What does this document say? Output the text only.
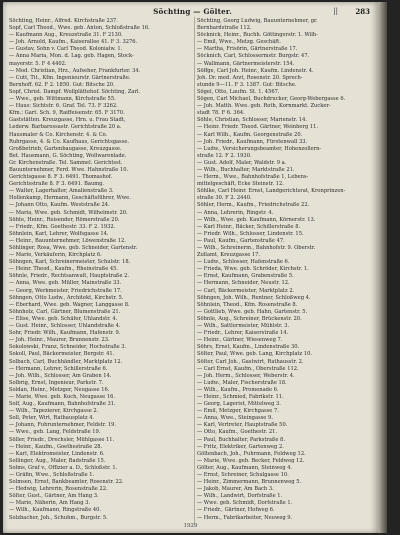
Söchting — Gölter.	|| 283
Söchting, Heinr., Alfred. Kirchstraße 237.
Sopf, Carl Theod., Wwe. geb. Anton, Schloßstraße 16.
— Kaufmann Aug., Kreuzstraße 31. F 2130.
— Joh. Arnold, Kaufm., Kaiserallee 41. F 3. 3276.
— Gustav, Sohn v. Carl Theod. Kolonialw. 1.
— Anna Maria, Mon. d. Lag. geb. Hagen, Stock-
mayerstr. 5. F 4 4402.
— Mod. Christian, Hrz., Aufseher, Frankfurter. 34.
— Cutt, Tit., Kfm. Ingenieurstr. Gärtnerstraße.
Bernhoff. 62. F 2. 1850. Gut: Bitsche 20.
Sopf, Christ. Dampf. Wollplättehof. Söchting, Zarl.
— Wwe., geb. Wittmann, Kirchstraße 55.
— Haus: Sichtstr. 6. Graf. Tel. 73. F 3262.
Kfm.: Gart. Sch. 9, Raiffeisenstr. 65. F 3170.
Gaststätten. Kreuzgasse, Hrn. u. Frau Stadt,
Lederw. Barbarossastr. Gerichtstraße 20 a.
Hausmaler & Co. Kirchenstr. 4. & Co.
Ruhrgasse, 4. & Co. Kaufhaus, Gerichtsgasse.
Großbetrieb, Gartenbaugasse, Kreuzgasse.
Bet. Hausmann, G. Söchting, Wollwarenlade.
Gr. Kirchenstraße. Tel. Sammel. Gerichtsst.
Bauunternehmer, Ferd. Wwe. Hahnstraße 10.
Gerichtsgasse 8. F 3. 6491. Thomashof.
Gerichtsstraße 8. F 3. 6491. Baumg.
— Walter, Lagerhalter, Amalienstraße 3.
Hollenkamp, Hermann, Geschäftsführer, Wwe.
— Johann Otto, Kaufm. Weststraße 24.
— Maria, Wwe. geb. Schmidt, Wilhelmstr. 20.
Söhte, Heinr., Reisender, Römerstraße 20.
— Friedr., Kfm. Goethestr. 33. F 2. 1932.
Söhnlein, Karl, Lehrer, Wolfsgasse 14.
— Heinr., Bauunternehmer, Löwenstraße 12.
Söhlinger, Rosa, Wwe. geb. Schneider, Gartenstr.
— Marie, Verkäuferin, Kirchplatz 6.
Söhngen, Karl, Schreinermeister, Schulstr. 18.
— Heinr. Theod., Kaufm., Rheinstraße 45.
Söhnle, Friedr., Rechtsanwalt, Hauptstraße 2.
— Anna, Wwe. geb. Müller, Mainstraße 33.
— Georg, Werkmeister, Friedrichstraße 17.
Söhngen, Otto Ludw., Architekt, Kirchstr. 5.
— Eberhard, Wwe. geb. Wagner, Langgasse 8.
Söhnholz, Carl, Gärtner, Blumenstraße 21.
— Elise, Wwe. geb. Schäfer, Uhlandstr. 4.
— Gust. Heinr., Schlosser, Uhlandstraße 4.
Sohr, Friedr. Wilh., Kaufmann, Hafenstr. 9.
— Joh. Heinr., Maurer, Brunnenstr. 23.
Sokolowski, Franz, Schneider, Hochstraße 3.
Sokoll, Paul, Bäckermeister, Bergstr. 41.
Solbach, Carl, Buchhändler, Marktplatz 12.
— Hermann, Lehrer, Schillerstraße 6.
— Joh. Wilh., Schlosser, Am Graben 14.
Solbrig, Ernst, Ingenieur, Parkstr. 7.
Soldan, Heinr., Metzger, Neugasse 16.
— Marie, Wwe. geb. Koch, Neugasse 16.
Solf, Aug., Kaufmann, Bahnhofstraße 31.
— Wilh., Tapezierer, Kirchgasse 2.
Soll, Peter, Wirt, Rathausplatz 4.
— Johann, Fuhrunternehmer, Feldstr. 19.
— Wwe., geb. Lang, Feldstraße 19.
Söller, Friedr., Drechsler, Mühlgasse 11.
— Heinr., Kaufm., Goethestraße 28.
— Karl, Elektromeister, Lindenstr. 6.
Sollinger, Aug., Maler, Badstraße 15.
Solms, Graf v., Offizier a. D., Schloßstr. 1.
— Gräfin, Wwe., Schloßstraße 1.
Solmsen, Ernst, Bankbeamter, Rosenstr. 22.
— Hedwig, Lehrerin, Rosenstraße 22.
Sölter, Gust., Gärtner, Am Hang 3.
— Marie, Näherin, Am Hang 3.
— Wilh., Kaufmann, Ringstraße 40.
Solzbacher, Joh., Schuhm., Burgstr. 5.
Söchting, Georg Ludwig, Bauunternehmer, gr.
Bernhardstraße 112.
Söcknick, Heinr., Buchh. Göttingerstr. 1. Wilh-
— Emil, Wwe., Metzg. Geschäft.
— Martha, Frisörin, Gärtnerstraße 17.
Söcknich, Carl, Schlossermstr. Burgstr. 47.
— Wallmann, Gärtnermeisterstr. 154.
Söffge, Carl Joh. Heinr., Kaufm. Lindenstr. 4.
Joh. Dr. med. Arzt, Rosenstr. 20. Sprech-
stunde 9—11. F 3. 1387. Gut: Bitsche.
Sögel, Otto, Laufm. St. 1. 4567.
Sögen, Carl Michael, Buchdrucker, Georg-Webergasse 6.
— Joh. Matth. Wwe. geb. Roth, Kornmarkt. Zucker-
stadt 78. F 6. 364.
Söhle, Christian, Schlosser, Marienstr. 14.
— Heinr. Friedr. Theod. Gärtner, Weinberg 11.
— Karl Wilh., Kaufm. Georgenstraße 20.
— Joh. Friedr., Kaufmann, Fürstenwall 33.
— Ludw., Versicherungsbeamter, Hohenzollern-
straße 12. F 2. 1930.
— Gust. Adolf, Maler, Waldstr. 9 a.
— Wilh., Buchhalter, Marktstraße 21.
— Herm., Wwe., Bahnhofstraße 1, Lebens-
mittelgeschäft, Ecke Steinstr. 12.
Söhlke, Carl Heinr. Ernst, Landgerichtsrat, Kronprinzen-
straße 30. F 2. 2440.
Söhler, Herm., Kaufm., Friedrichstraße 22.
— Anna, Lehrerin, Ringstr. 4.
— Wilh., Wwe. geb. Kaufmann, Körnerstr. 13.
— Karl Heinr., Bäcker, Schillerstraße 8.
— Friedr. Wilh., Schlosser, Lindenstr. 15.
— Paul, Kaufm., Gartenstraße 47.
— Wilh., Schreinerm., Bahnhofstr. 9. Oberstr.
Zollamt, Kreuzgasse 17.
— Ludw., Schlosser, Hafenstraße 6.
— Frieda, Wwe. geb. Schröder, Kirchstr. 1.
— Ernst, Kaufmann, Grabenstraße 5.
— Hermann, Schneider, Neustr. 12.
— Carl, Bäckermeister, Marktplatz 2.
Söhngen, Joh. Wilh., Rentner, Schloßweg 4.
Söhnlein, Theod., Kfm. Rosenstraße 8.
— Gottlieb, Wwe. geb. Hahn, Gartenstr. 5.
Söhnle, Aug., Schreiner, Brückenstr. 20.
— Wilh., Sattlermeister, Mühlstr. 3.
— Friedr., Lehrer, Kaiserstraße 14.
— Heinr., Gärtner, Wiesenweg 7.
Söhrs, Ernst, Kaufm., Lindenstraße 30.
Sölter, Paul, Wwe. geb. Lang, Kirchplatz 10.
Sölter, Carl Joh., Gastwirt, Rathausstr. 2.
— Carl Ernst, Kaufm., Oberstraße 112.
— Joh. Herm., Schlosser, Weberstr. 4.
— Ludw., Maler, Fischerstraße 18.
— Wilh., Kaufm., Promenade 6.
— Heinr., Schmied, Fabrikstr. 11.
— Georg, Lagerist, Mittelweg 3.
— Emil, Metzger, Kirchgasse 7.
— Anna, Wwe., Steingasse 9.
— Karl, Vertreter, Hauptstraße 50.
— Otto, Kaufm., Goethestr. 21.
— Paul, Buchhalter, Parkstraße 8.
— Fritz, Elektriker, Gartenweg 2.
Göltenbach, Joh., Fuhrmann, Feldweg 12.
— Marie, Wwe. geb. Becker, Feldweg 12.
Gölter, Aug., Kaufmann, Steinweg 4.
— Ernst, Schreiner, Schulgasse 10.
— Heinr., Zimmermann, Brunnenweg 5.
— Jakob, Maurer, Am Bach 3.
— Wilh., Landwirt, Dorfstraße 1.
— Wwe. geb. Schmidt, Dorfstraße 1.
— Friedr., Gärtner, Hofweg 6.
— Herm., Fabrikarbeiter, Neuweg 9.
1929
